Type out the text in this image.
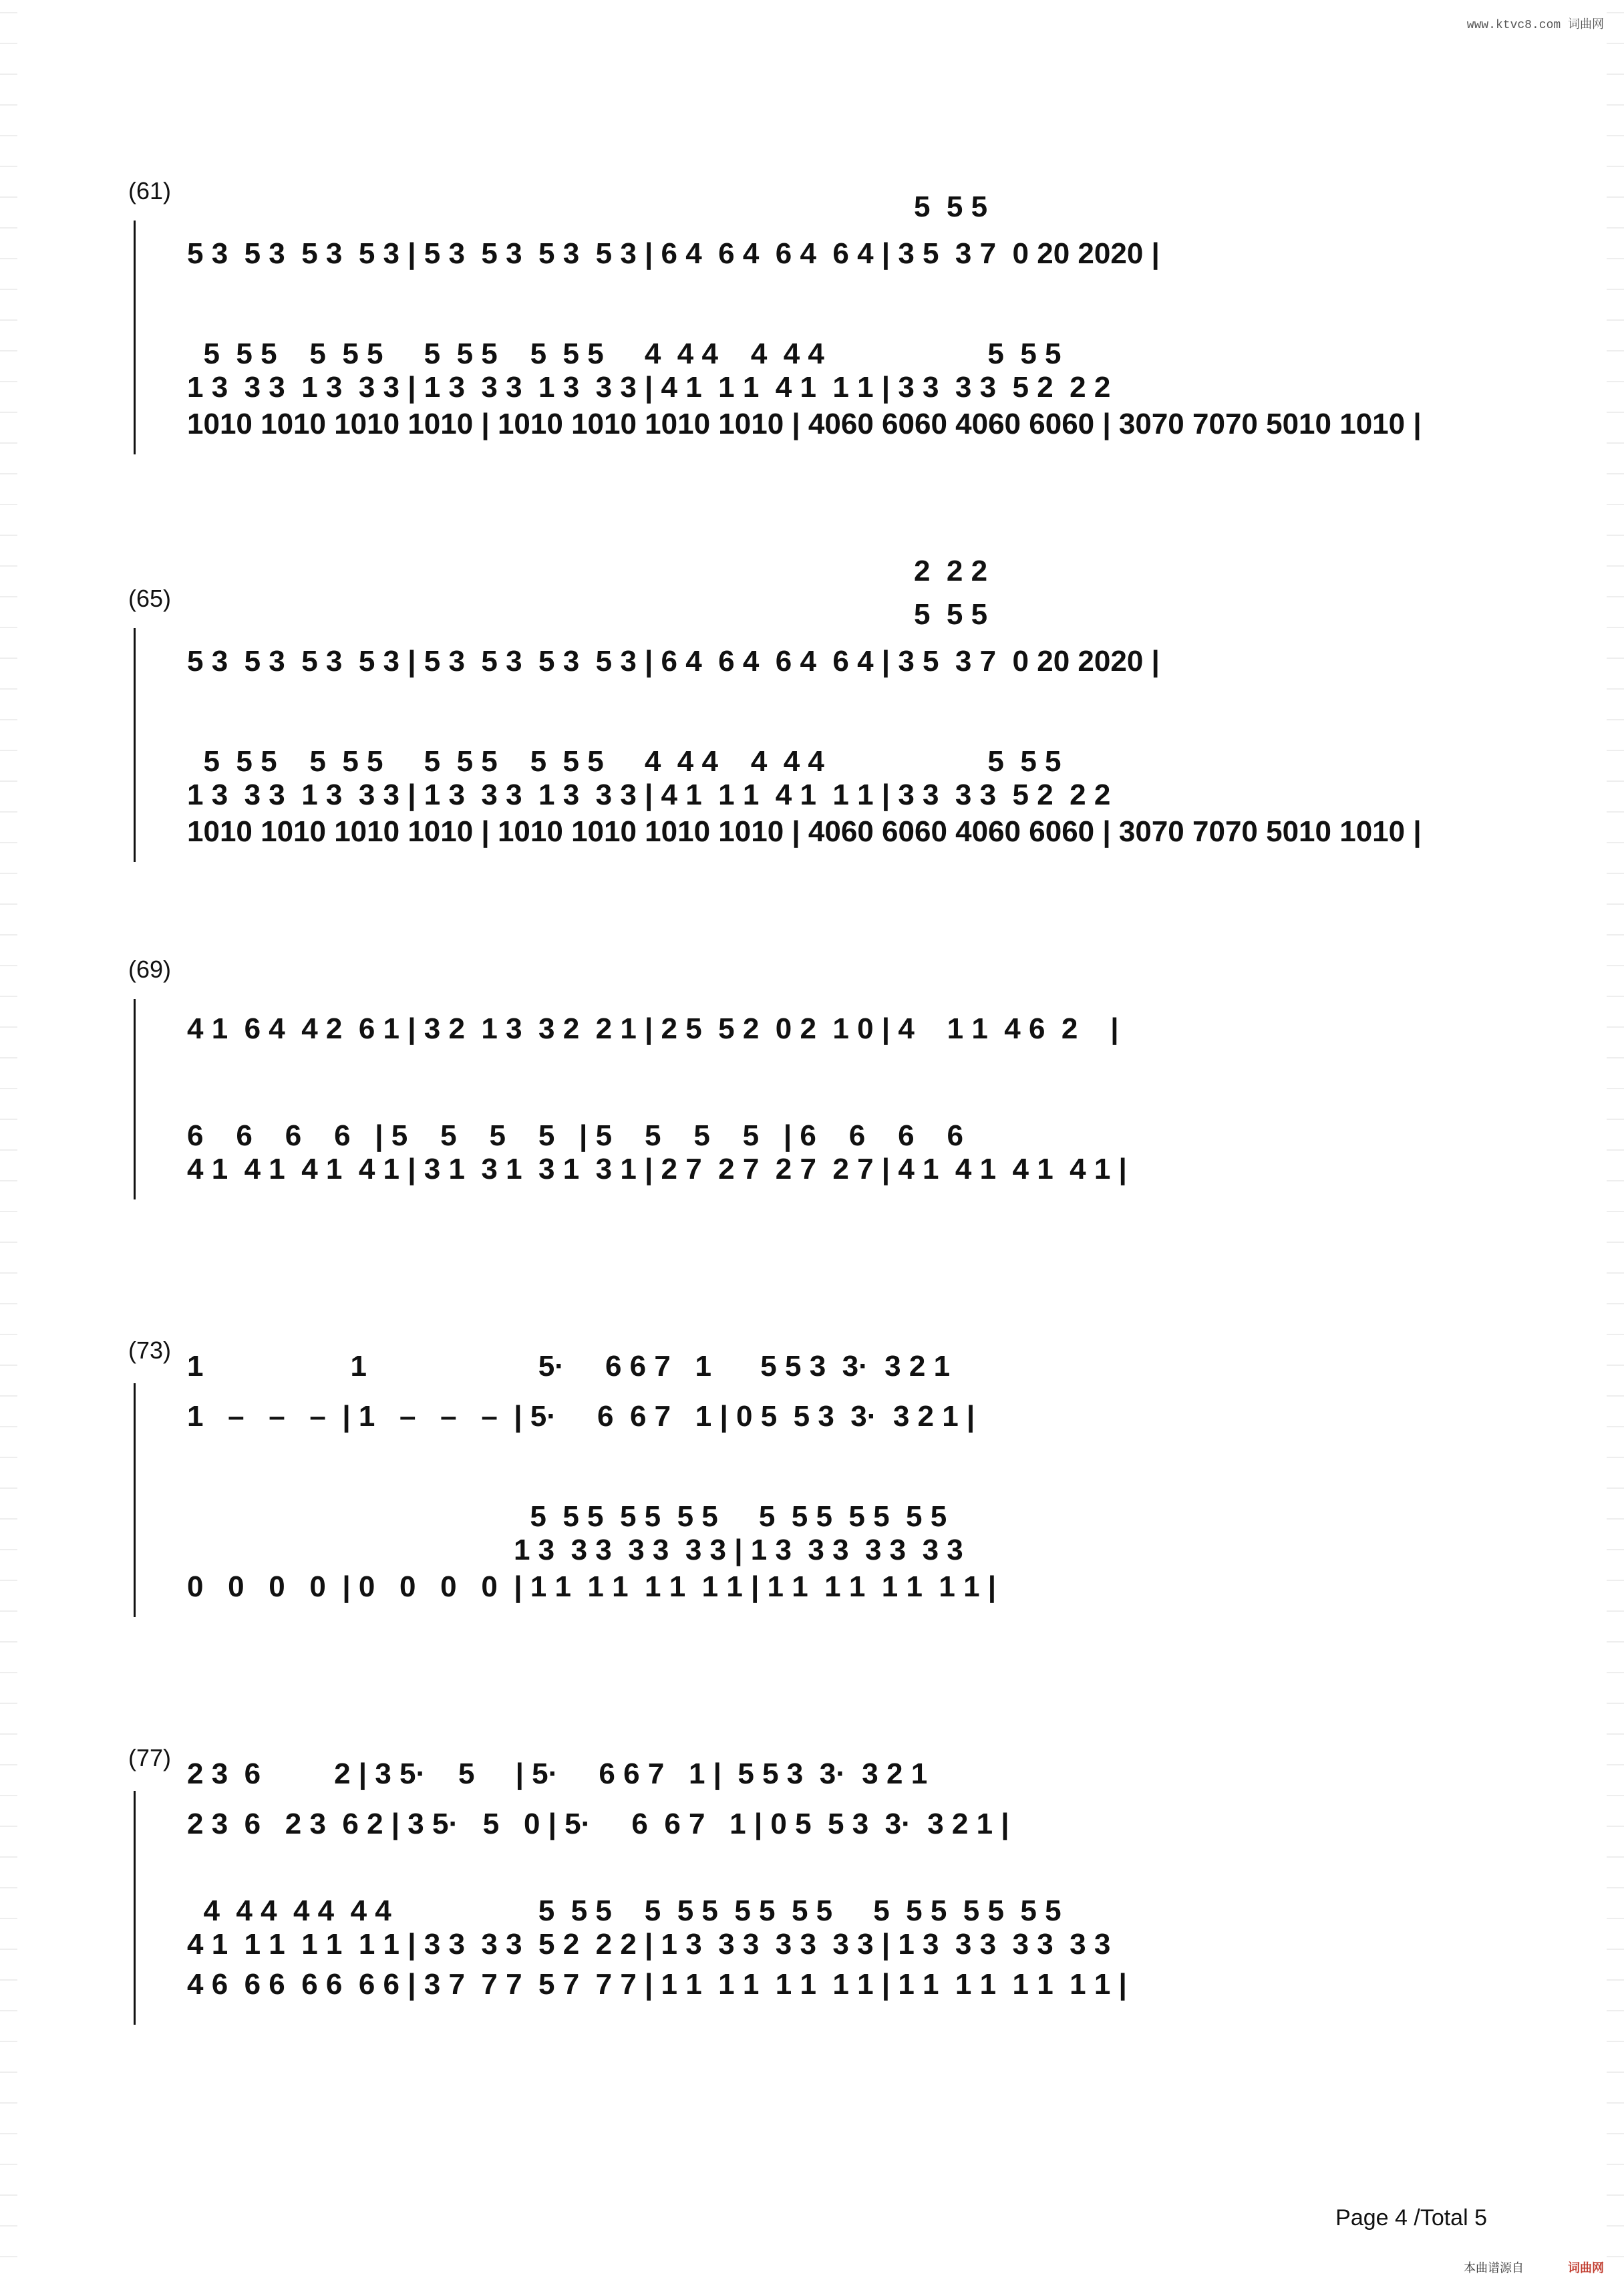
www.ktvc8.com 词曲网
(61) 5  5 5
5 3  5 3  5 3  5 3 | 5 3  5 3  5 3  5 3 | 6 4  6 4  6 4  6 4 | 3 5  3 7  0 20 2020 |
5  5 5    5  5 5     5  5 5    5  5 5     4  4 4    4  4 4                    5  5 5
1 3  3 3  1 3  3 3 | 1 3  3 3  1 3  3 3 | 4 1  1 1  4 1  1 1 | 3 3  3 3  5 2  2 2
1010 1010 1010 1010 | 1010 1010 1010 1010 | 4060 6060 4060 6060 | 3070 7070 5010 1010 |
(65)
2  2 2
5  5 5
5 3  5 3  5 3  5 3 | 5 3  5 3  5 3  5 3 | 6 4  6 4  6 4  6 4 | 3 5  3 7  0 20 2020 |
5  5 5    5  5 5     5  5 5    5  5 5     4  4 4    4  4 4                    5  5 5
1 3  3 3  1 3  3 3 | 1 3  3 3  1 3  3 3 | 4 1  1 1  4 1  1 1 | 3 3  3 3  5 2  2 2
1010 1010 1010 1010 | 1010 1010 1010 1010 | 4060 6060 4060 6060 | 3070 7070 5010 1010 |
(69)
4 1  6 4  4 2  6 1 | 3 2  1 3  3 2  2 1 | 2 5  5 2  0 2  1 0 | 4    1 1  4 6  2    |
6    6    6    6   | 5    5    5    5   | 5    5    5    5   | 6    6    6    6
4 1  4 1  4 1  4 1 | 3 1  3 1  3 1  3 1 | 2 7  2 7  2 7  2 7 | 4 1  4 1  4 1  4 1 |
(73) 1                  1                     5·     6 6 7   1      5 5 3  3·  3 2 1
1   –   –   –  | 1   –   –   –  | 5·     6  6 7   1 | 0 5  5 3  3·  3 2 1 |
5  5 5  5 5  5 5     5  5 5  5 5  5 5
1 3  3 3  3 3  3 3 | 1 3  3 3  3 3  3 3
0   0   0   0  | 0   0   0   0  | 1 1  1 1  1 1  1 1 | 1 1  1 1  1 1  1 1 |
(77) 2 3  6         2 | 3 5·    5     | 5·     6 6 7   1 |  5 5 3  3·  3 2 1
2 3  6   2 3  6 2 | 3 5·   5   0 | 5·     6  6 7   1 | 0 5  5 3  3·  3 2 1 |
4  4 4  4 4  4 4                  5  5 5    5  5 5  5 5  5 5     5  5 5  5 5  5 5
4 1  1 1  1 1  1 1 | 3 3  3 3  5 2  2 2 | 1 3  3 3  3 3  3 3 | 1 3  3 3  3 3  3 3
4 6  6 6  6 6  6 6 | 3 7  7 7  5 7  7 7 | 1 1  1 1  1 1  1 1 | 1 1  1 1  1 1  1 1 |
Page 4 /Total 5
本曲谱源自	词曲网
